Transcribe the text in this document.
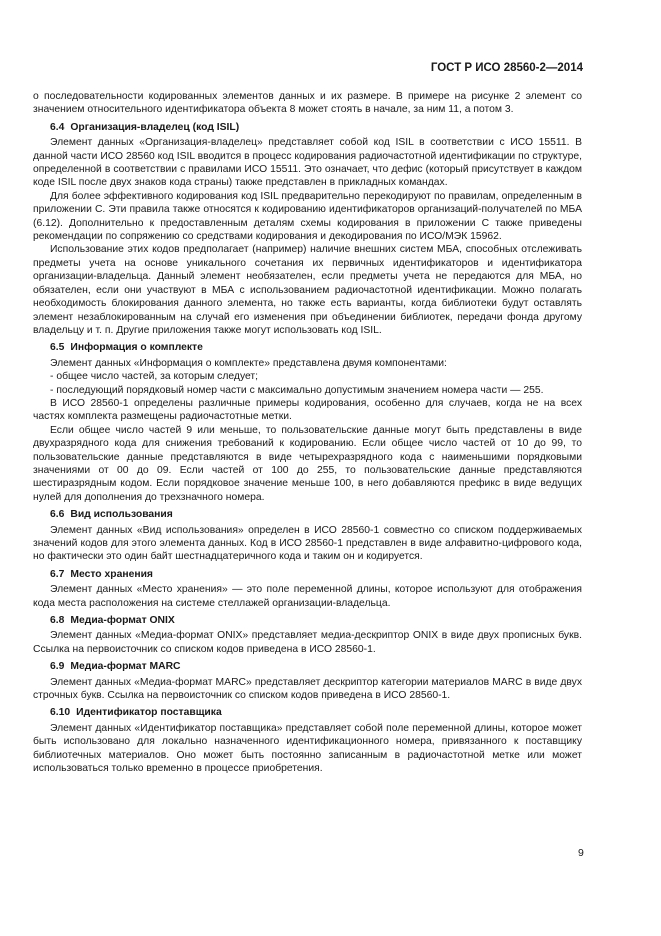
ГОСТ Р ИСО 28560-2—2014

о последовательности кодированных элементов данных и их размере. В примере на рисунке 2 элемент со значением относительного идентификатора объекта 8 может стоять в начале, за ним 11, а потом 3.

6.4 Организация-владелец (код ISIL)

Элемент данных «Организация-владелец» представляет собой код ISIL в соответствии с ИСО 15511. В данной части ИСО 28560 код ISIL вводится в процесс кодирования радиочастотной идентификации по структуре, определенной в соответствии с правилами ИСО 15511. Это означает, что дефис (который присутствует в каждом коде ISIL после двух знаков кода страны) также представлен в прикладных командах.

Для более эффективного кодирования код ISIL предварительно перекодируют по правилам, определенным в приложении С. Эти правила также относятся к кодированию идентификаторов организаций-получателей по МБА (6.12). Дополнительно к предоставленным деталям схемы кодирования в приложении С также приведены рекомендации по сопряжению со средствами кодирования и декодирования по ИСО/МЭК 15962.

Использование этих кодов предполагает (например) наличие внешних систем МБА, способных отслеживать предметы учета на основе уникального сочетания их первичных идентификаторов и идентификатора организации-владельца. Данный элемент необязателен, если предметы учета не передаются для МБА, но обязателен, если они участвуют в МБА с использованием радиочастотной идентификации. Можно полагать необходимость блокирования данного элемента, но также есть варианты, когда библиотеки будут оставлять элемент незаблокированным на случай его изменения при объединении библиотек, передачи фонда другому владельцу и т. п. Другие приложения также могут использовать код ISIL.

6.5 Информация о комплекте

Элемент данных «Информация о комплекте» представлена двумя компонентами:

- общее число частей, за которым следует;

- последующий порядковый номер части с максимально допустимым значением номера части — 255.

В ИСО 28560-1 определены различные примеры кодирования, особенно для случаев, когда не на всех частях комплекта размещены радиочастотные метки.

Если общее число частей 9 или меньше, то пользовательские данные могут быть представлены в виде двухразрядного кода для снижения требований к кодированию. Если общее число частей от 10 до 99, то пользовательские данные представляются в виде четырехразрядного кода с наименьшими порядковыми значениями от 00 до 09. Если частей от 100 до 255, то пользовательские данные представляются шестиразрядным кодом. Если порядковое значение меньше 100, в него добавляются префикс в виде ведущих нулей для дополнения до трехзначного номера.

6.6 Вид использования

Элемент данных «Вид использования» определен в ИСО 28560-1 совместно со списком поддерживаемых значений кодов для этого элемента данных. Код в ИСО 28560-1 представлен в виде алфавитно-цифрового кода, но фактически это один байт шестнадцатеричного кода и таким он и кодируется.

6.7 Место хранения

Элемент данных «Место хранения» — это поле переменной длины, которое используют для отображения кода места расположения на системе стеллажей организации-владельца.

6.8 Медиа-формат ONIX

Элемент данных «Медиа-формат ONIX» представляет медиа-дескриптор ONIX в виде двух прописных букв. Ссылка на первоисточник со списком кодов приведена в ИСО 28560-1.

6.9 Медиа-формат MARC

Элемент данных «Медиа-формат MARC» представляет дескриптор категории материалов MARC в виде двух строчных букв. Ссылка на первоисточник со списком кодов приведена в ИСО 28560-1.

6.10 Идентификатор поставщика

Элемент данных «Идентификатор поставщика» представляет собой поле переменной длины, которое может быть использовано для локально назначенного идентификационного номера, привязанного к поставщику библиотечных материалов. Оно может быть постоянно записанным в радиочастотной метке или может использоваться только временно в процессе приобретения.

9
